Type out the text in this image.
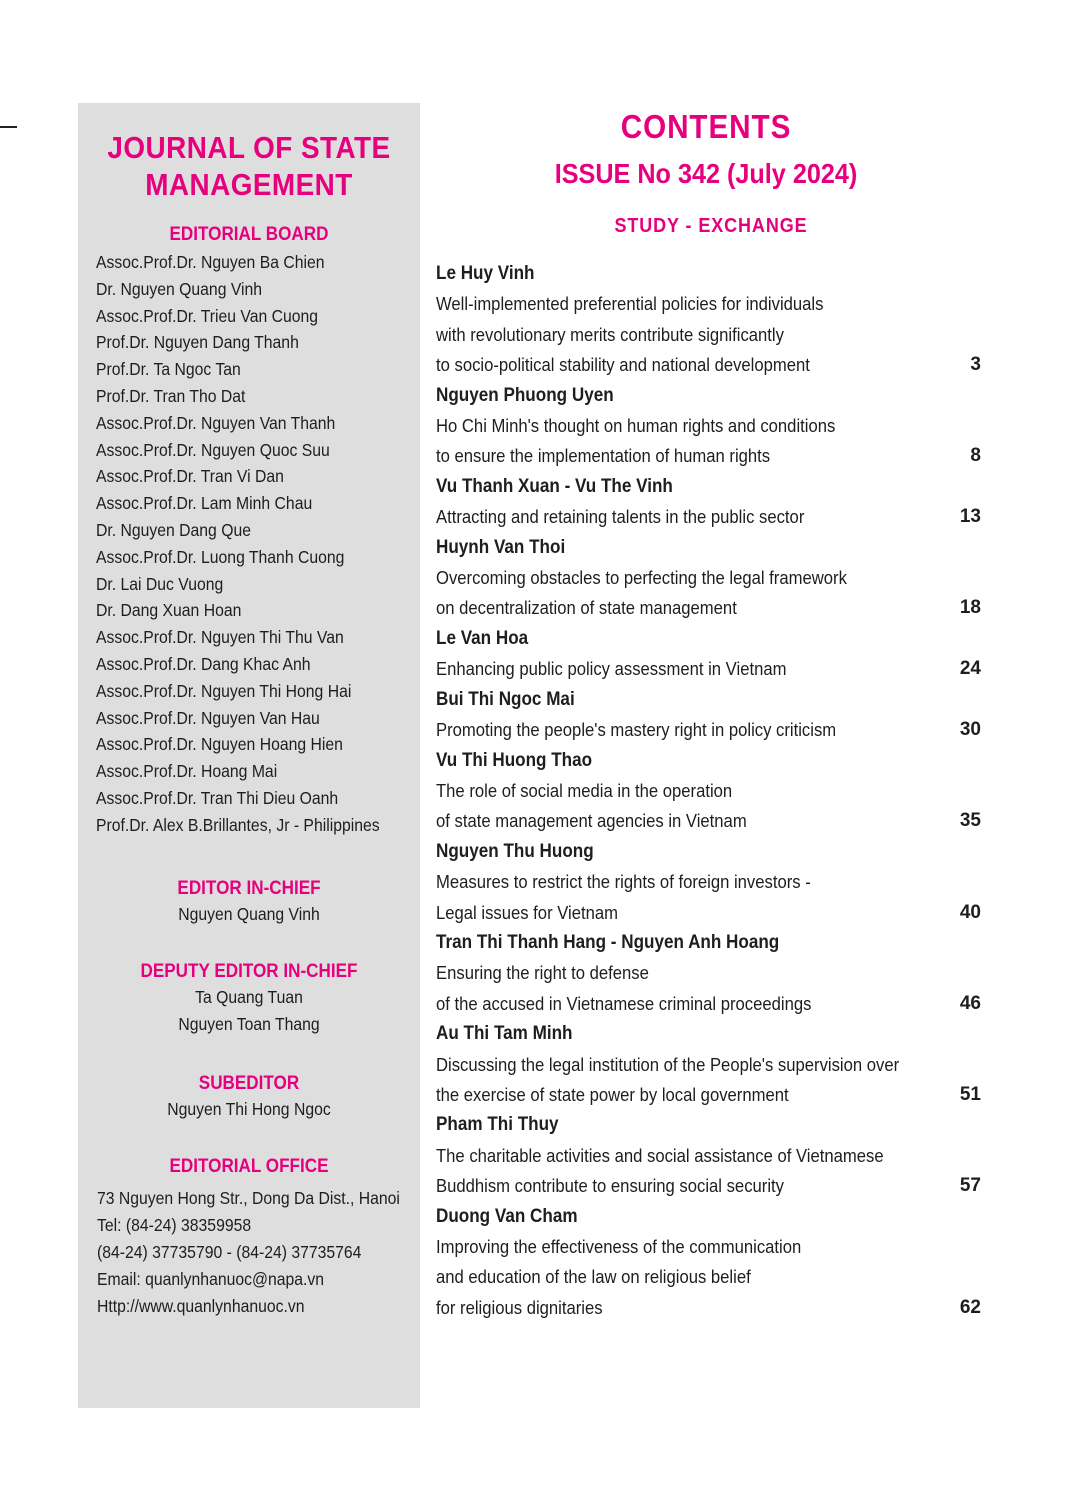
JOURNAL OF STATE
MANAGEMENT
EDITORIAL BOARD
Assoc.Prof.Dr. Nguyen Ba Chien
Dr. Nguyen Quang Vinh
Assoc.Prof.Dr. Trieu Van Cuong
Prof.Dr. Nguyen Dang Thanh
Prof.Dr. Ta Ngoc Tan
Prof.Dr. Tran Tho Dat
Assoc.Prof.Dr. Nguyen Van Thanh
Assoc.Prof.Dr. Nguyen Quoc Suu
Assoc.Prof.Dr. Tran Vi Dan
Assoc.Prof.Dr. Lam Minh Chau
Dr. Nguyen Dang Que
Assoc.Prof.Dr. Luong Thanh Cuong
Dr. Lai Duc Vuong
Dr. Dang Xuan Hoan
Assoc.Prof.Dr. Nguyen Thi Thu Van
Assoc.Prof.Dr. Dang Khac Anh
Assoc.Prof.Dr. Nguyen Thi Hong Hai
Assoc.Prof.Dr. Nguyen Van Hau
Assoc.Prof.Dr. Nguyen Hoang Hien
Assoc.Prof.Dr. Hoang Mai
Assoc.Prof.Dr. Tran Thi Dieu Oanh
Prof.Dr. Alex B.Brillantes, Jr - Philippines
EDITOR IN-CHIEF
Nguyen Quang Vinh
DEPUTY EDITOR IN-CHIEF
Ta Quang Tuan
Nguyen Toan Thang
SUBEDITOR
Nguyen Thi Hong Ngoc
EDITORIAL OFFICE
73 Nguyen Hong Str., Dong Da Dist., Hanoi
Tel: (84-24) 38359958
(84-24) 37735790 - (84-24) 37735764
Email: quanlynhanuoc@napa.vn
Http://www.quanlynhanuoc.vn
CONTENTS
ISSUE No 342 (July 2024)
STUDY - EXCHANGE
Le Huy Vinh
Well-implemented preferential policies for individuals
with revolutionary merits contribute significantly
to socio-political stability and national development	3
Nguyen Phuong Uyen
Ho Chi Minh's thought on human rights and conditions
to ensure the implementation of human rights	8
Vu Thanh Xuan - Vu The Vinh
Attracting and retaining talents in the public sector	13
Huynh Van Thoi
Overcoming obstacles to perfecting the legal framework
on decentralization of state management	18
Le Van Hoa
Enhancing public policy assessment in Vietnam	24
Bui Thi Ngoc Mai
Promoting the people's mastery right in policy criticism	30
Vu Thi Huong Thao
The role of social media in the operation
of state management agencies in Vietnam	35
Nguyen Thu Huong
Measures to restrict the rights of foreign investors -
Legal issues for Vietnam	40
Tran Thi Thanh Hang - Nguyen Anh Hoang
Ensuring the right to defense
of the accused in Vietnamese criminal proceedings	46
Au Thi Tam Minh
Discussing the legal institution of the People's supervision over
the exercise of state power by local government	51
Pham Thi Thuy
The charitable activities and social assistance of Vietnamese
Buddhism contribute to ensuring social security	57
Duong Van Cham
Improving the effectiveness of the communication
and education of the law on religious belief
for religious dignitaries	62
